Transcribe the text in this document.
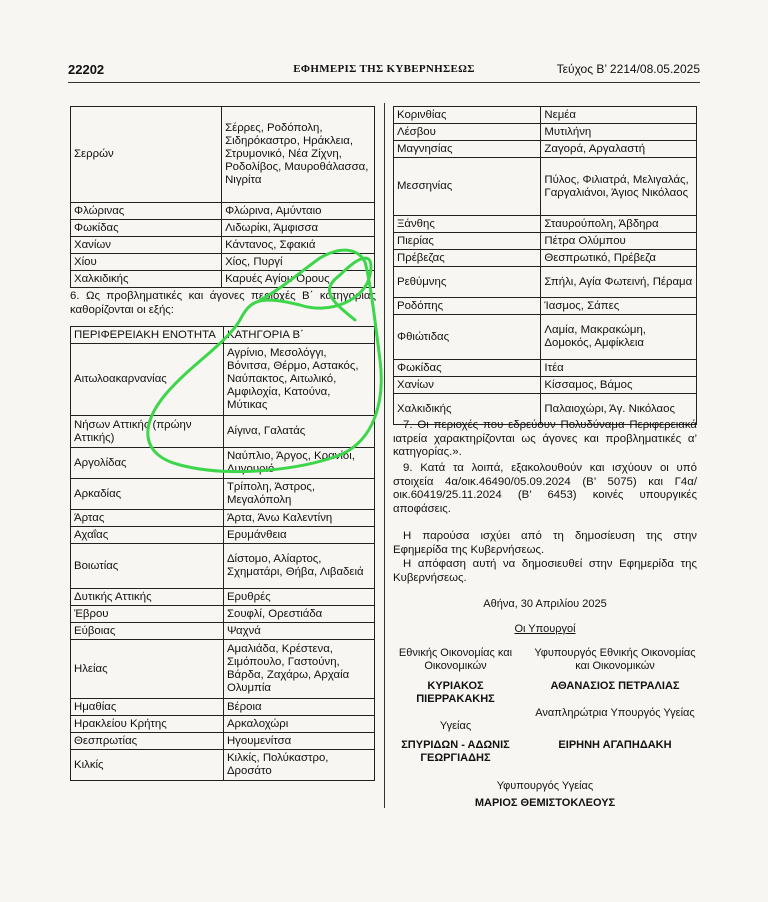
22202	ΕΦΗΜΕΡΙΣ ΤΗΣ ΚΥΒΕΡΝΗΣΕΩΣ	Τεύχος Β’ 2214/08.05.2025
Σερρών	Σέρρες, Ροδόπολη, Σιδηρόκαστρο, Ηράκλεια, Στρυμονικό, Νέα Ζίχνη, Ροδολίβος, Μαυροθάλασσα, Νιγρίτα
Φλώρινας	Φλώρινα, Αμύνταιο
Φωκίδας	Λιδωρίκι, Άμφισσα
Χανίων	Κάντανος, Σφακιά
Χίου	Χίος, Πυργί
Χαλκιδικής	Καρυές Αγίου Όρους
6. Ως προβληματικές και άγονες περιοχές Β΄ κατηγορίας καθορίζονται οι εξής:
ΠΕΡΙΦΕΡΕΙΑΚΗ ΕΝΟΤΗΤΑ	ΚΑΤΗΓΟΡΙΑ Β΄
Αιτωλοακαρνανίας	Αγρίνιο, Μεσολόγγι, Βόνιτσα, Θέρμο, Αστακός, Ναύπακτος, Αιτωλικό, Αμφιλοχία, Κατούνα, Μύτικας
Νήσων Αττικής (πρώην Αττικής)	Αίγινα, Γαλατάς
Αργολίδας	Ναύπλιο, Άργος, Κρανίδι, Λυγουριό
Αρκαδίας	Τρίπολη, Άστρος, Μεγαλόπολη
Άρτας	Άρτα, Άνω Καλεντίνη
Αχαΐας	Ερυμάνθεια
Βοιωτίας	Δίστομο, Αλίαρτος, Σχηματάρι, Θήβα, Λιβαδειά
Δυτικής Αττικής	Ερυθρές
Έβρου	Σουφλί, Ορεστιάδα
Εύβοιας	Ψαχνά
Ηλείας	Αμαλιάδα, Κρέστενα, Σιμόπουλο, Γαστούνη, Βάρδα, Ζαχάρω, Αρχαία Ολυμπία
Ημαθίας	Βέροια
Ηρακλείου Κρήτης	Αρκαλοχώρι
Θεσπρωτίας	Ηγουμενίτσα
Κιλκίς	Κιλκίς, Πολύκαστρο, Δροσάτο
Κορινθίας	Νεμέα
Λέσβου	Μυτιλήνη
Μαγνησίας	Ζαγορά, Αργαλαστή
Μεσσηνίας	Πύλος, Φιλιατρά, Μελιγαλάς, Γαργαλιάνοι, Άγιος Νικόλαος
Ξάνθης	Σταυρούπολη, Άβδηρα
Πιερίας	Πέτρα Ολύμπου
Πρέβεζας	Θεσπρωτικό, Πρέβεζα
Ρεθύμνης	Σπήλι, Αγία Φωτεινή, Πέραμα
Ροδόπης	Ίασμος, Σάπες
Φθιώτιδας	Λαμία, Μακρακώμη, Δομοκός, Αμφίκλεια
Φωκίδας	Ιτέα
Χανίων	Κίσσαμος, Βάμος
Χαλκιδικής	Παλαιοχώρι, Άγ. Νικόλαος
7. Οι περιοχές που εδρεύουν Πολυδύναμα Περιφερειακά ιατρεία χαρακτηρίζονται ως άγονες και προβληματικές α’ κατηγορίας.».
9. Κατά τα λοιπά, εξακολουθούν και ισχύουν οι υπό στοιχεία 4α/οικ.46490/05.09.2024 (Β’ 5075) και Γ4α/οικ.60419/25.11.2024 (Β’ 6453) κοινές υπουργικές αποφάσεις.
Η παρούσα ισχύει από τη δημοσίευση της στην Εφημερίδα της Κυβερνήσεως.
Η απόφαση αυτή να δημοσιευθεί στην Εφημερίδα της Κυβερνήσεως.
Αθήνα, 30 Απριλίου 2025
Οι Υπουργοί
Εθνικής Οικονομίας και Οικονομικών
ΚΥΡΙΑΚΟΣ ΠΙΕΡΡΑΚΑΚΗΣ
Υφυπουργός Εθνικής Οικονομίας και Οικονομικών
ΑΘΑΝΑΣΙΟΣ ΠΕΤΡΑΛΙΑΣ
Υγείας
ΣΠΥΡΙΔΩΝ - ΑΔΩΝΙΣ ΓΕΩΡΓΙΑΔΗΣ
Αναπληρώτρια Υπουργός Υγείας
ΕΙΡΗΝΗ ΑΓΑΠΗΔΑΚΗ
Υφυπουργός Υγείας
ΜΑΡΙΟΣ ΘΕΜΙΣΤΟΚΛΕΟΥΣ
